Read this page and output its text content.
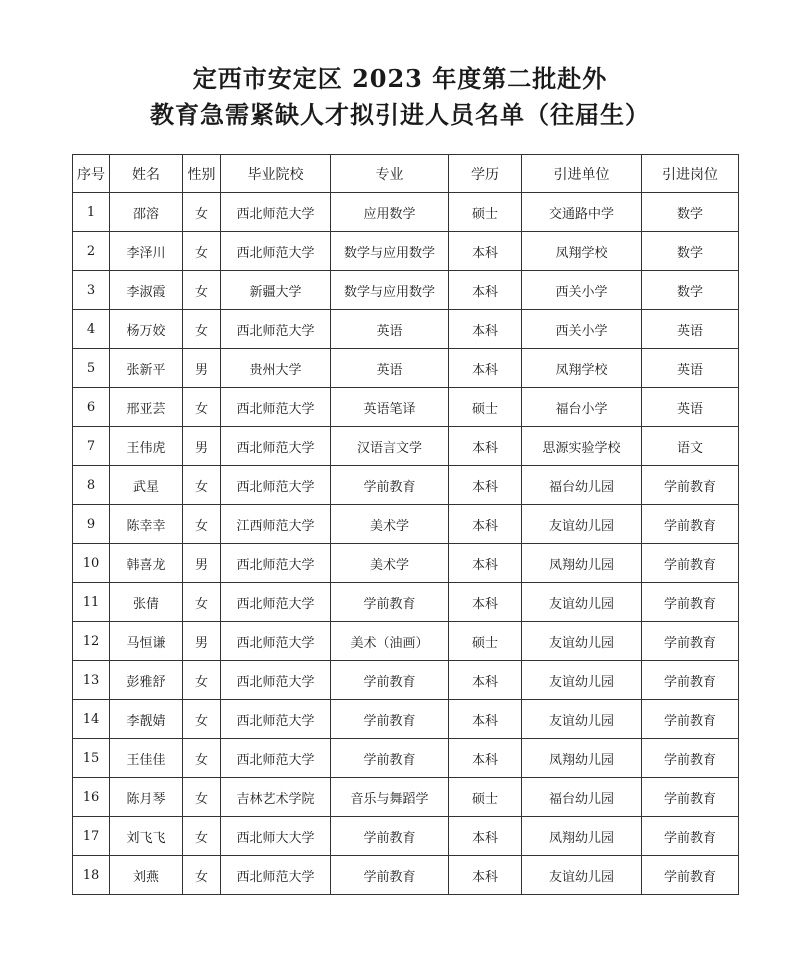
定西市安定区 2023 年度第二批赴外
教育急需紧缺人才拟引进人员名单（往届生）
序号	姓名	性别	毕业院校	专业	学历	引进单位	引进岗位
1	邵溶	女	西北师范大学	应用数学	硕士	交通路中学	数学
2	李泽川	女	西北师范大学	数学与应用数学	本科	凤翔学校	数学
3	李淑霞	女	新疆大学	数学与应用数学	本科	西关小学	数学
4	杨万姣	女	西北师范大学	英语	本科	西关小学	英语
5	张新平	男	贵州大学	英语	本科	凤翔学校	英语
6	邢亚芸	女	西北师范大学	英语笔译	硕士	福台小学	英语
7	王伟虎	男	西北师范大学	汉语言文学	本科	思源实验学校	语文
8	武星	女	西北师范大学	学前教育	本科	福台幼儿园	学前教育
9	陈幸幸	女	江西师范大学	美术学	本科	友谊幼儿园	学前教育
10	韩喜龙	男	西北师范大学	美术学	本科	凤翔幼儿园	学前教育
11	张倩	女	西北师范大学	学前教育	本科	友谊幼儿园	学前教育
12	马恒谦	男	西北师范大学	美术（油画）	硕士	友谊幼儿园	学前教育
13	彭雅舒	女	西北师范大学	学前教育	本科	友谊幼儿园	学前教育
14	李靓婧	女	西北师范大学	学前教育	本科	友谊幼儿园	学前教育
15	王佳佳	女	西北师范大学	学前教育	本科	凤翔幼儿园	学前教育
16	陈月琴	女	吉林艺术学院	音乐与舞蹈学	硕士	福台幼儿园	学前教育
17	刘飞飞	女	西北师大大学	学前教育	本科	凤翔幼儿园	学前教育
18	刘燕	女	西北师范大学	学前教育	本科	友谊幼儿园	学前教育
